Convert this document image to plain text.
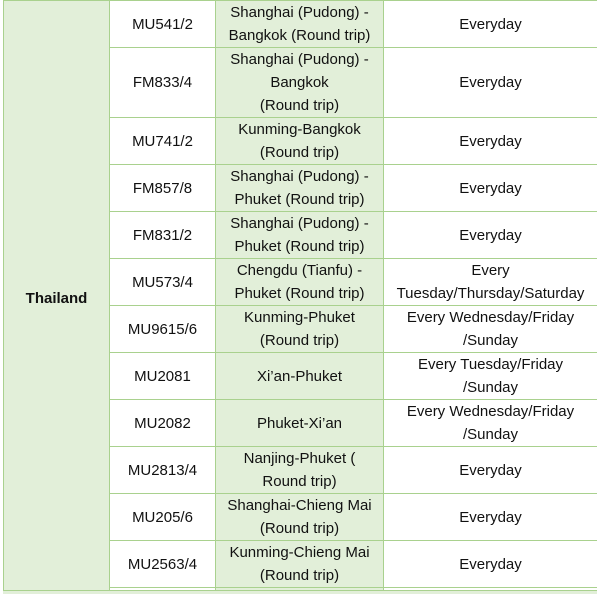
Thailand	MU541/2	Shanghai (Pudong) -
Bangkok (Round trip)	Everyday

	FM833/4	Shanghai (Pudong) -
Bangkok
(Round trip)	Everyday

	MU741/2	Kunming-Bangkok
(Round trip)	Everyday

	FM857/8	Shanghai (Pudong) -
Phuket (Round trip)	Everyday

	FM831/2	Shanghai (Pudong) -
Phuket (Round trip)	Everyday

	MU573/4	Chengdu (Tianfu) -
Phuket (Round trip)	Every
Tuesday/Thursday/Saturday

	MU9615/6	Kunming-Phuket
(Round trip)	Every Wednesday/Friday
/Sunday

	MU2081	Xi’an-Phuket	Every Tuesday/Friday
/Sunday

	MU2082	Phuket-Xi’an	Every Wednesday/Friday
/Sunday

	MU2813/4	Nanjing-Phuket (
Round trip)	Everyday

	MU205/6	Shanghai-Chieng Mai
(Round trip)	Everyday

	MU2563/4	Kunming-Chieng Mai
(Round trip)	Everyday
